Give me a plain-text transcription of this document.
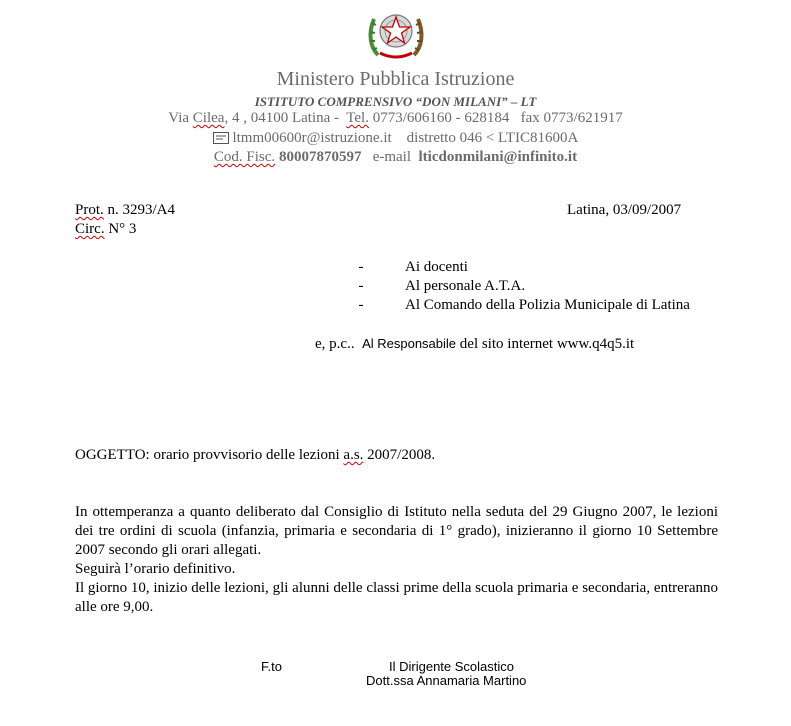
Ministero Pubblica Istruzione
ISTITUTO COMPRENSIVO “DON MILANI” – LT
Via Cilea, 4 , 04100 Latina - Tel. 0773/606160 - 628184 fax 0773/621917
ltmm00600r@istruzione.it distretto 046 < LTIC81600A
Cod. Fisc. 80007870597 e-mail lticdonmilani@infinito.it
Prot. n. 3293/A4
Circ. N° 3
Latina, 03/09/2007
-	Ai docenti
-	Al personale A.T.A.
-	Al Comando della Polizia Municipale di Latina
e, p.c.. Al Responsabile del sito internet www.q4q5.it
OGGETTO: orario provvisorio delle lezioni a.s. 2007/2008.
In ottemperanza a quanto deliberato dal Consiglio di Istituto nella seduta del 29 Giugno 2007, le lezioni dei tre ordini di scuola (infanzia, primaria e secondaria di 1° grado), inizieranno il giorno 10 Settembre 2007 secondo gli orari allegati.
Seguirà l’orario definitivo.
Il giorno 10, inizio delle lezioni, gli alunni delle classi prime della scuola primaria e secondaria, entreranno alle ore 9,00.
F.to	Il Dirigente Scolastico
Dott.ssa Annamaria Martino
